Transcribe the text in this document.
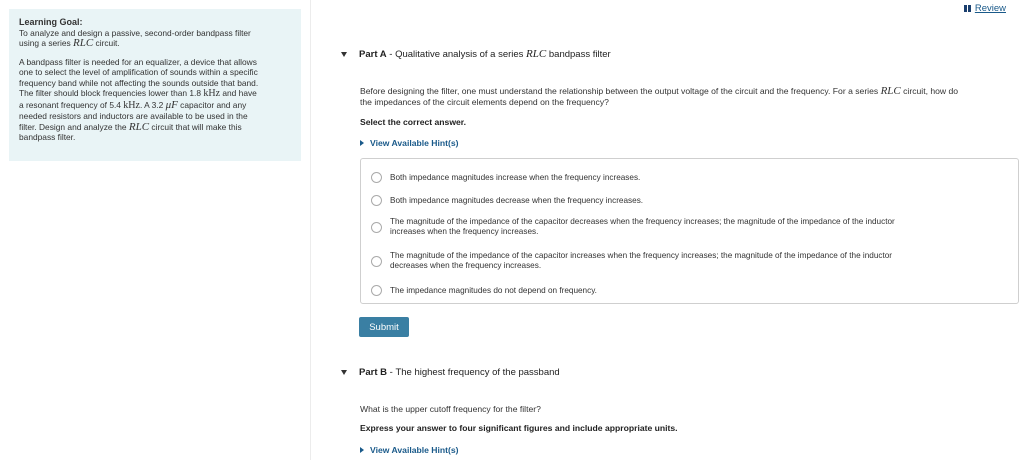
Learning Goal:

To analyze and design a passive, second-order bandpass filter
using a series RLC circuit.

A bandpass filter is needed for an equalizer, a device that allows
one to select the level of amplification of sounds within a specific
frequency band while not affecting the sounds outside that band.
The filter should block frequencies lower than 1.8 kHz and have
a resonant frequency of 5.4 kHz. A 3.2 μF capacitor and any
needed resistors and inductors are available to be used in the
filter. Design and analyze the RLC circuit that will make this
bandpass filter.

Review
Part A - Qualitative analysis of a series RLC bandpass filter
Before designing the filter, one must understand the relationship between the output voltage of the circuit and the frequency. For a series RLC circuit, how do
the impedances of the circuit elements depend on the frequency?
Select the correct answer.
View Available Hint(s)
Both impedance magnitudes increase when the frequency increases.
Both impedance magnitudes decrease when the frequency increases.
The magnitude of the impedance of the capacitor decreases when the frequency increases; the magnitude of the impedance of the inductor
increases when the frequency increases.
The magnitude of the impedance of the capacitor increases when the frequency increases; the magnitude of the impedance of the inductor
decreases when the frequency increases.
The impedance magnitudes do not depend on frequency.
Submit
Part B - The highest frequency of the passband
What is the upper cutoff frequency for the filter?
Express your answer to four significant figures and include appropriate units.
View Available Hint(s)
